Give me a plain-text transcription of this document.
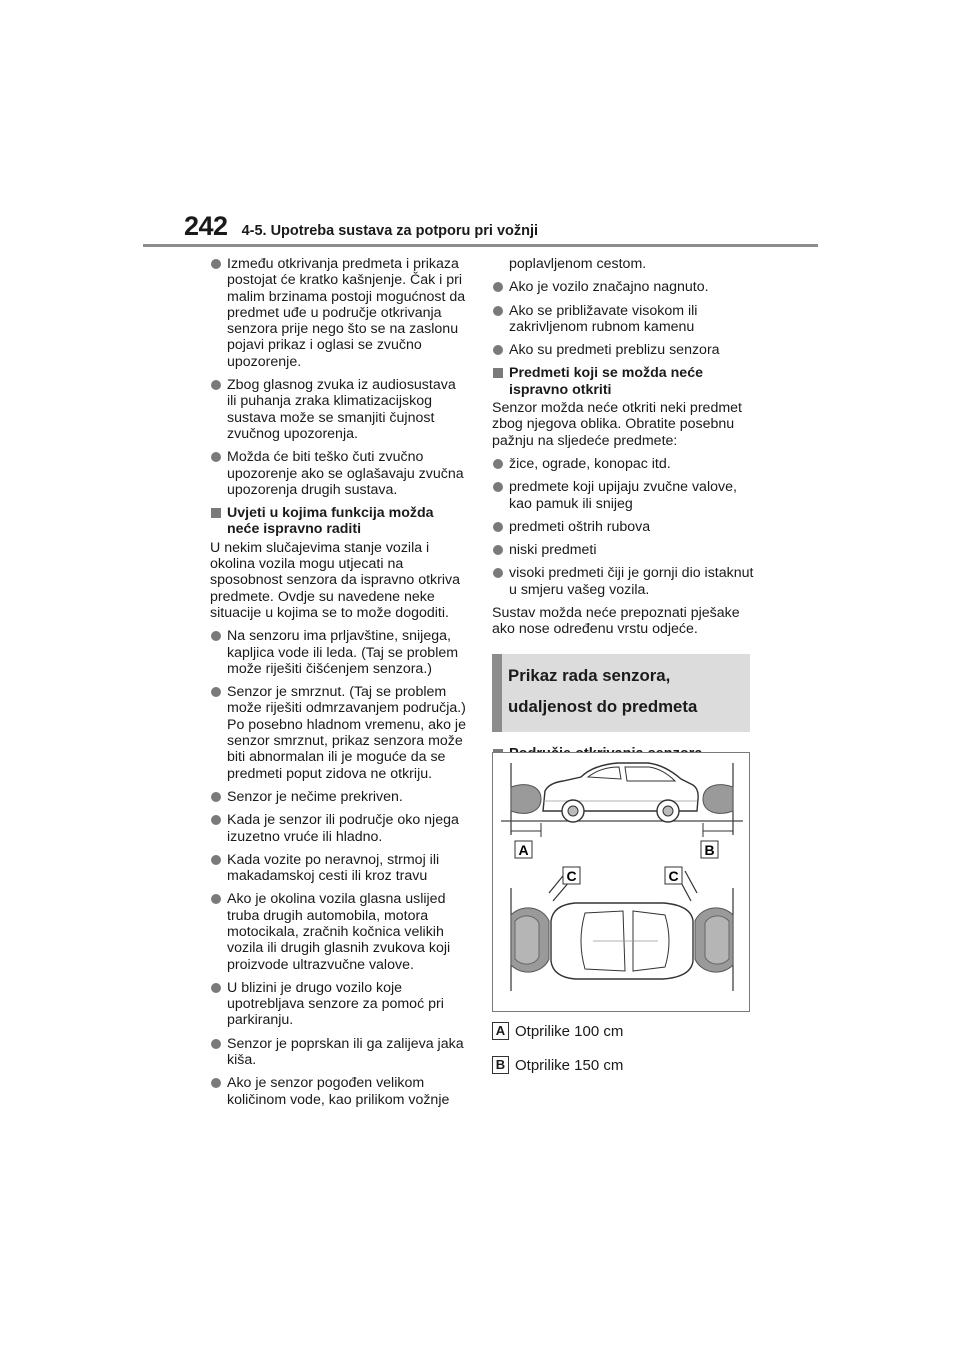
242 4-5. Upotreba sustava za potporu pri vožnji
Između otkrivanja predmeta i prikaza postojat će kratko kašnjenje. Čak i pri malim brzinama postoji mogućnost da predmet uđe u područje otkrivanja senzora prije nego što se na zaslonu pojavi prikaz i oglasi se zvučno upozorenje.
Zbog glasnog zvuka iz audiosustava ili puhanja zraka klimatizacijskog sustava može se smanjiti čujnost zvučnog upozorenja.
Možda će biti teško čuti zvučno upozorenje ako se oglašavaju zvučna upozorenja drugih sustava.
Uvjeti u kojima funkcija možda neće ispravno raditi
U nekim slučajevima stanje vozila i okolina vozila mogu utjecati na sposobnost senzora da ispravno otkriva predmete. Ovdje su navedene neke situacije u kojima se to može dogoditi.
Na senzoru ima prljavštine, snijega, kapljica vode ili leda. (Taj se problem može riješiti čišćenjem senzora.)
Senzor je smrznut. (Taj se problem može riješiti odmrzavanjem područja.) Po posebno hladnom vremenu, ako je senzor smrznut, prikaz senzora može biti abnormalan ili je moguće da se predmeti poput zidova ne otkriju.
Senzor je nečime prekriven.
Kada je senzor ili područje oko njega izuzetno vruće ili hladno.
Kada vozite po neravnoj, strmoj ili makadamskoj cesti ili kroz travu
Ako je okolina vozila glasna uslijed truba drugih automobila, motora motocikala, zračnih kočnica velikih vozila ili drugih glasnih zvukova koji proizvode ultrazvučne valove.
U blizini je drugo vozilo koje upotrebljava senzore za pomoć pri parkiranju.
Senzor je poprskan ili ga zalijeva jaka kiša.
Ako je senzor pogođen velikom količinom vode, kao prilikom vožnje
poplavljenom cestom.
Ako je vozilo značajno nagnuto.
Ako se približavate visokom ili zakrivljenom rubnom kamenu
Ako su predmeti preblizu senzora
Predmeti koji se možda neće ispravno otkriti
Senzor možda neće otkriti neki predmet zbog njegova oblika. Obratite posebnu pažnju na sljedeće predmete:
žice, ograde, konopac itd.
predmete koji upijaju zvučne valove, kao pamuk ili snijeg
predmeti oštrih rubova
niski predmeti
visoki predmeti čiji je gornji dio istaknut u smjeru vašeg vozila.
Sustav možda neće prepoznati pješake ako nose određenu vrstu odjeće.
Prikaz rada senzora, udaljenost do predmeta
A	B
C	C
A Otprilike 100 cm
B Otprilike 150 cm
